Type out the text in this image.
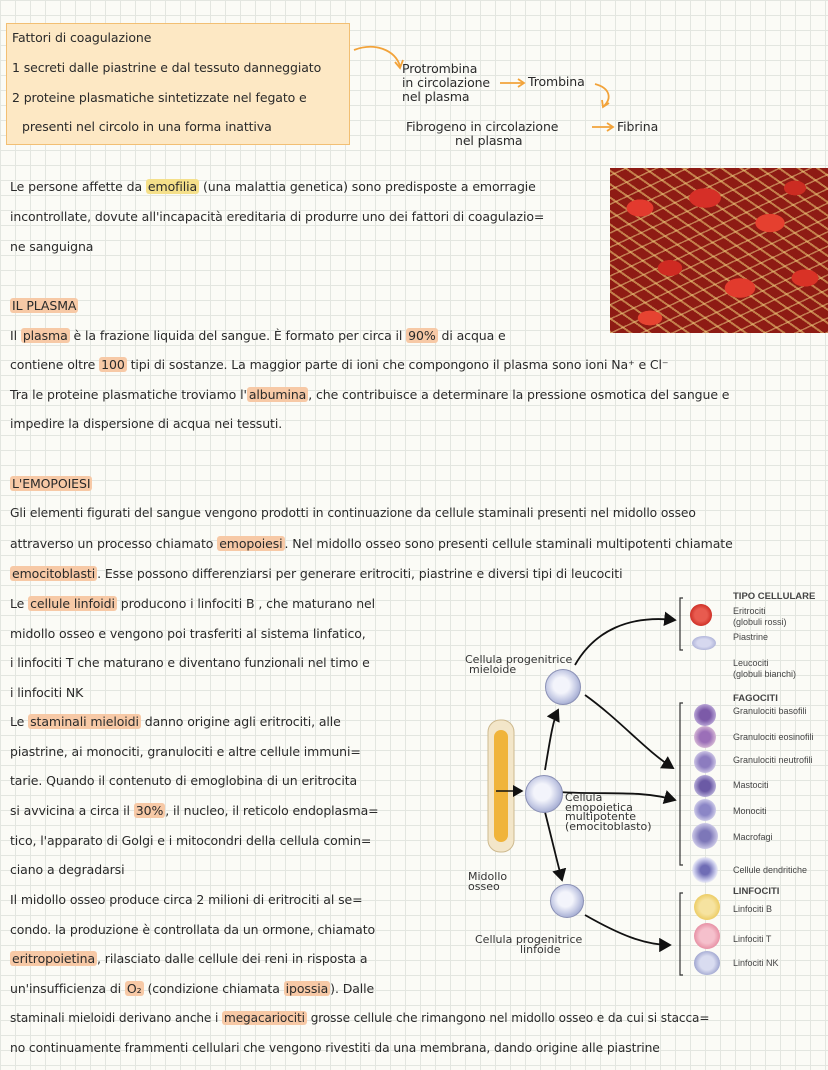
Fattori di coagulazione
1 secreti dalle piastrine e dal tessuto danneggiato
2 proteine plasmatiche sintetizzate nel fegato e
presenti nel circolo in una forma inattiva
Protrombina
in circolazione
nel plasma
Trombina
Fibrogeno in circolazione
nel plasma
Fibrina
Le persone affette da emofilia (una malattia genetica) sono predisposte a emorragie
incontrollate, dovute all'incapacità ereditaria di produrre uno dei fattori di coagulazio=
ne sanguigna
IL PLASMA
Il plasma è la frazione liquida del sangue. È formato per circa il 90% di acqua e
contiene oltre 100 tipi di sostanze. La maggior parte di ioni che compongono il plasma sono ioni Na⁺ e Cl⁻
Tra le proteine plasmatiche troviamo l' albumina , che contribuisce a determinare la pressione osmotica del sangue e
impedire la dispersione di acqua nei tessuti.
L'EMOPOIESI
Gli elementi figurati del sangue vengono prodotti in continuazione da cellule staminali presenti nel midollo osseo
attraverso un processo chiamato emopoiesi . Nel midollo osseo sono presenti cellule staminali multipotenti chiamate
emocitoblasti . Esse possono differenziarsi per generare eritrociti, piastrine e diversi tipi di leucociti
Le cellule linfoidi producono i linfociti B , che maturano nel
midollo osseo e vengono poi trasferiti al sistema linfatico,
i linfociti T che maturano e diventano funzionali nel timo e
i linfociti NK
Le staminali mieloidi danno origine agli eritrociti, alle
piastrine, ai monociti, granulociti e altre cellule immuni=
tarie. Quando il contenuto di emoglobina di un eritrocita
si avvicina a circa il 30% , il nucleo, il reticolo endoplasma=
tico, l'apparato di Golgi e i mitocondri della cellula comin=
ciano a degradarsi
Il midollo osseo produce circa 2 milioni di eritrociti al se=
condo. la produzione è controllata da un ormone, chiamato
eritropoietina , rilasciato dalle cellule dei reni in risposta a
un'insufficienza di O₂ (condizione chiamata ipossia ). Dalle
staminali mieloidi derivano anche i megacariociti grosse cellule che rimangono nel midollo osseo e da cui si stacca=
no continuamente frammenti cellulari che vengono rivestiti da una membrana, dando origine alle piastrine
Cellula progenitrice
mieloide
Cellula
emopoietica
multipotente
(emocitoblasto)
Midollo
osseo
Cellula progenitrice
linfoide
TIPO CELLULARE
Eritrociti
(globuli rossi)
Piastrine
Leucociti
(globuli bianchi)
FAGOCITI
Granulociti basofili
Granulociti eosinofili
Granulociti neutrofili
Mastociti
Monociti
Macrofagi
Cellule dendritiche
LINFOCITI
Linfociti B
Linfociti T
Linfociti NK
